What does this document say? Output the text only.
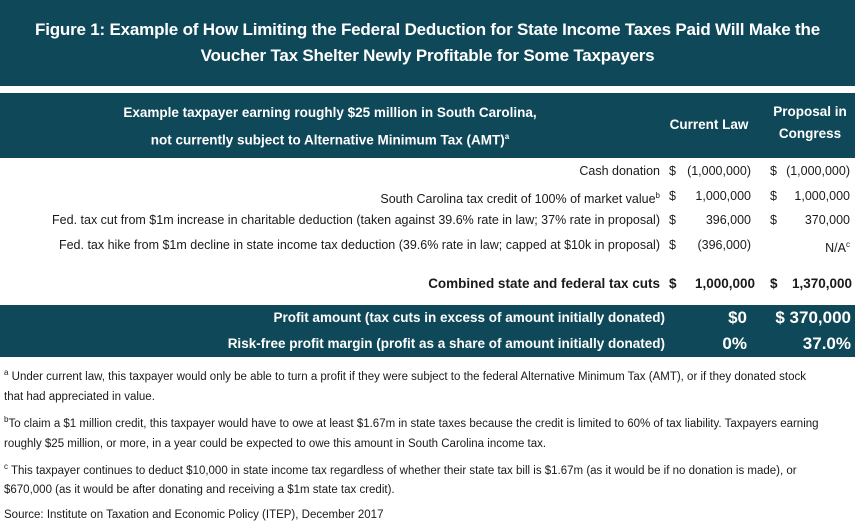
Figure 1: Example of How Limiting the Federal Deduction for State Income Taxes Paid Will Make the
Voucher Tax Shelter Newly Profitable for Some Taxpayers
Example taxpayer earning roughly $25 million in South Carolina,
not currently subject to Alternative Minimum Tax (AMT)$^a$
Current Law
Proposal in
Congress
Cash donation $ (1,000,000) $ (1,000,000)
South Carolina tax credit of 100% of market value$^b$ $ 1,000,000 $ 1,000,000
Fed. tax cut from $1m increase in charitable deduction (taken against 39.6% rate in law; 37% rate in proposal) $ 396,000 $ 370,000
Fed. tax hike from $1m decline in state income tax deduction (39.6% rate in law; capped at $10k in proposal) $ (396,000)	$N/A^c$
Combined state and federal tax cuts $ 1,000,000 $ 1,370,000
Profit amount (tax cuts in excess of amount initially donated)	$0 $ 370,000
Risk-free profit margin (profit as a share of amount initially donated)	0%	37.0%
$^a$ Under current law, this taxpayer would only be able to turn a profit if they were subject to the federal Alternative Minimum Tax (AMT), or if they donated stock
that had appreciated in value.
$^b$To claim a $1 million credit, this taxpayer would have to owe at least $1.67m in state taxes because the credit is limited to 60% of tax liability. Taxpayers earning
roughly $25 million, or more, in a year could be expected to owe this amount in South Carolina income tax.
$^c$ This taxpayer continues to deduct $10,000 in state income tax regardless of whether their state tax bill is $1.67m (as it would be if no donation is made), or
$670,000 (as it would be after donating and receiving a $1m state tax credit).
Source: Institute on Taxation and Economic Policy (ITEP), December 2017
